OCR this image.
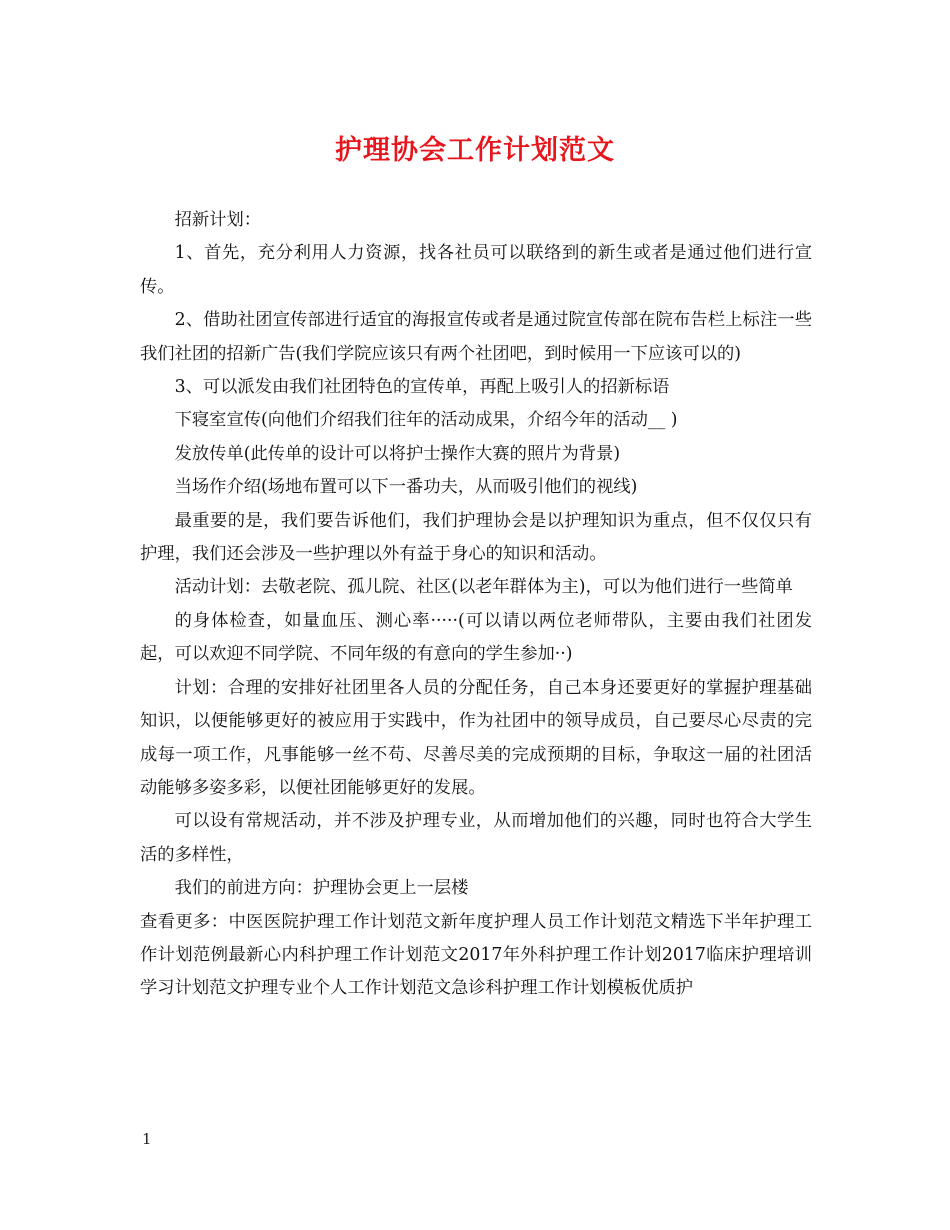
护理协会工作计划范文

招新计划：

1、首先，充分利用人力资源，找各社员可以联络到的新生或者是通过他们进行宣传。

2、借助社团宣传部进行适宜的海报宣传或者是通过院宣传部在院布告栏上标注一些我们社团的招新广告(我们学院应该只有两个社团吧，到时候用一下应该可以的)

3、可以派发由我们社团特色的宣传单，再配上吸引人的招新标语

下寝室宣传(向他们介绍我们往年的活动成果，介绍今年的活动__ )

发放传单(此传单的设计可以将护士操作大赛的照片为背景)

当场作介绍(场地布置可以下一番功夫，从而吸引他们的视线)

最重要的是，我们要告诉他们，我们护理协会是以护理知识为重点，但不仅仅只有护理，我们还会涉及一些护理以外有益于身心的知识和活动。

活动计划：去敬老院、孤儿院、社区(以老年群体为主)，可以为他们进行一些简单

的身体检查，如量血压、测心率·····(可以请以两位老师带队，主要由我们社团发起，可以欢迎不同学院、不同年级的有意向的学生参加··)

计划：合理的安排好社团里各人员的分配任务，自己本身还要更好的掌握护理基础知识，以便能够更好的被应用于实践中，作为社团中的领导成员，自己要尽心尽责的完成每一项工作，凡事能够一丝不苟、尽善尽美的完成预期的目标，争取这一届的社团活动能够多姿多彩，以便社团能够更好的发展。

可以设有常规活动，并不涉及护理专业，从而增加他们的兴趣，同时也符合大学生活的多样性，

我们的前进方向：护理协会更上一层楼

查看更多：中医医院护理工作计划范文新年度护理人员工作计划范文精选下半年护理工作计划范例最新心内科护理工作计划范文2017年外科护理工作计划2017临床护理培训学习计划范文护理专业个人工作计划范文急诊科护理工作计划模板优质护

1
